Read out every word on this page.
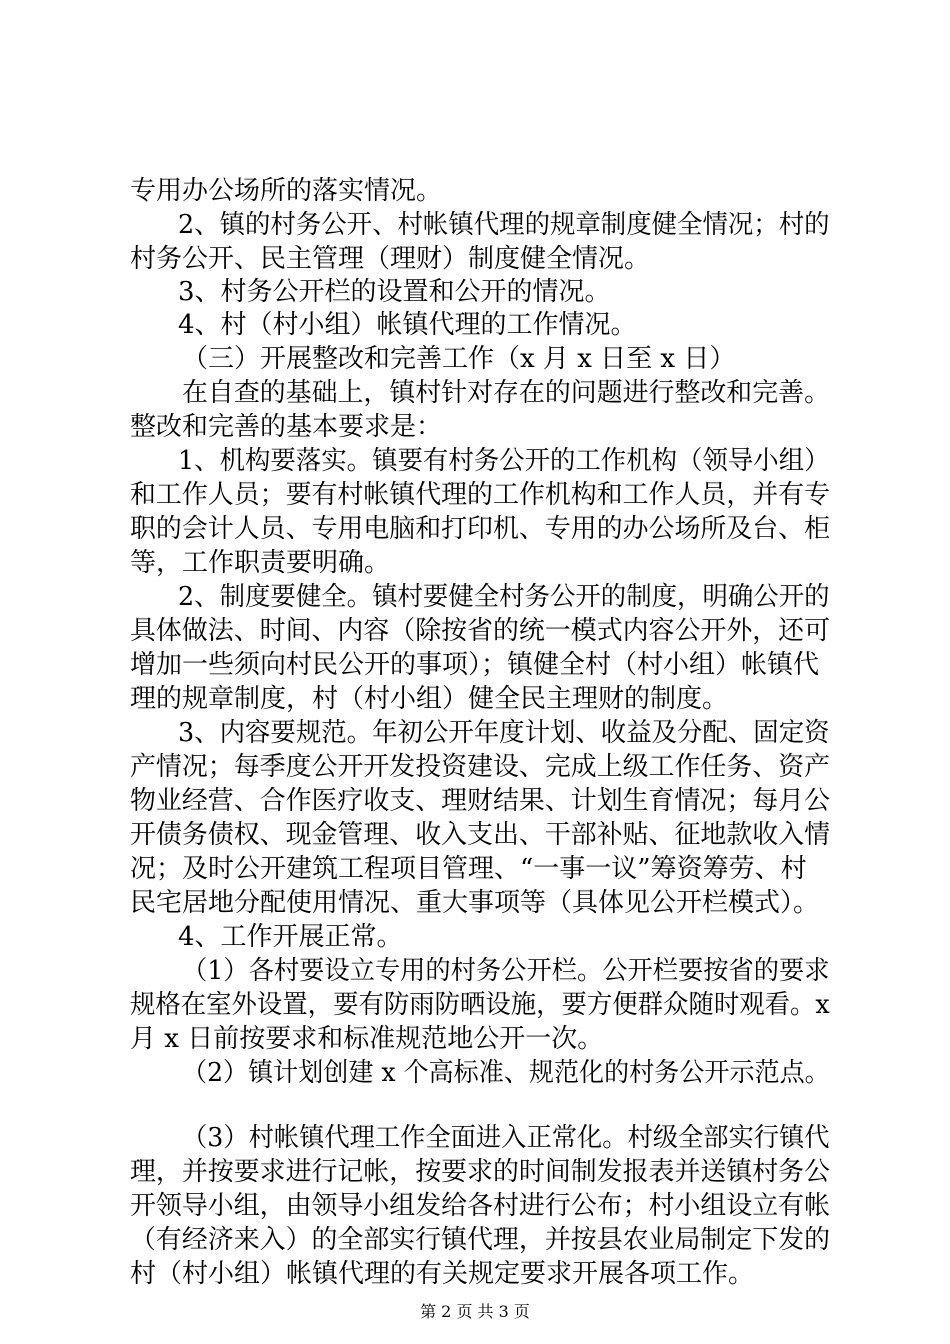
专用办公场所的落实情况。
2、镇的村务公开、村帐镇代理的规章制度健全情况；村的
村务公开、民主管理（理财）制度健全情况。
3、村务公开栏的设置和公开的情况。
4、村（村小组）帐镇代理的工作情况。
（三）开展整改和完善工作（x 月 x 日至 x 日）
在自查的基础上，镇村针对存在的问题进行整改和完善。
整改和完善的基本要求是：
1、机构要落实。镇要有村务公开的工作机构（领导小组）
和工作人员；要有村帐镇代理的工作机构和工作人员，并有专
职的会计人员、专用电脑和打印机、专用的办公场所及台、柜
等，工作职责要明确。
2、制度要健全。镇村要健全村务公开的制度，明确公开的
具体做法、时间、内容（除按省的统一模式内容公开外，还可
增加一些须向村民公开的事项）；镇健全村（村小组）帐镇代
理的规章制度，村（村小组）健全民主理财的制度。
3、内容要规范。年初公开年度计划、收益及分配、固定资
产情况；每季度公开开发投资建设、完成上级工作任务、资产
物业经营、合作医疗收支、理财结果、计划生育情况；每月公
开债务债权、现金管理、收入支出、干部补贴、征地款收入情
况；及时公开建筑工程项目管理、“一事一议”筹资筹劳、村
民宅居地分配使用情况、重大事项等（具体见公开栏模式）。
4、工作开展正常。
（1）各村要设立专用的村务公开栏。公开栏要按省的要求
规格在室外设置，要有防雨防晒设施，要方便群众随时观看。x
月 x 日前按要求和标准规范地公开一次。
（2）镇计划创建 x 个高标准、规范化的村务公开示范点。
（3）村帐镇代理工作全面进入正常化。村级全部实行镇代
理，并按要求进行记帐，按要求的时间制发报表并送镇村务公
开领导小组，由领导小组发给各村进行公布；村小组设立有帐
（有经济来入）的全部实行镇代理，并按县农业局制定下发的
村（村小组）帐镇代理的有关规定要求开展各项工作。
第 2 页 共 3 页
